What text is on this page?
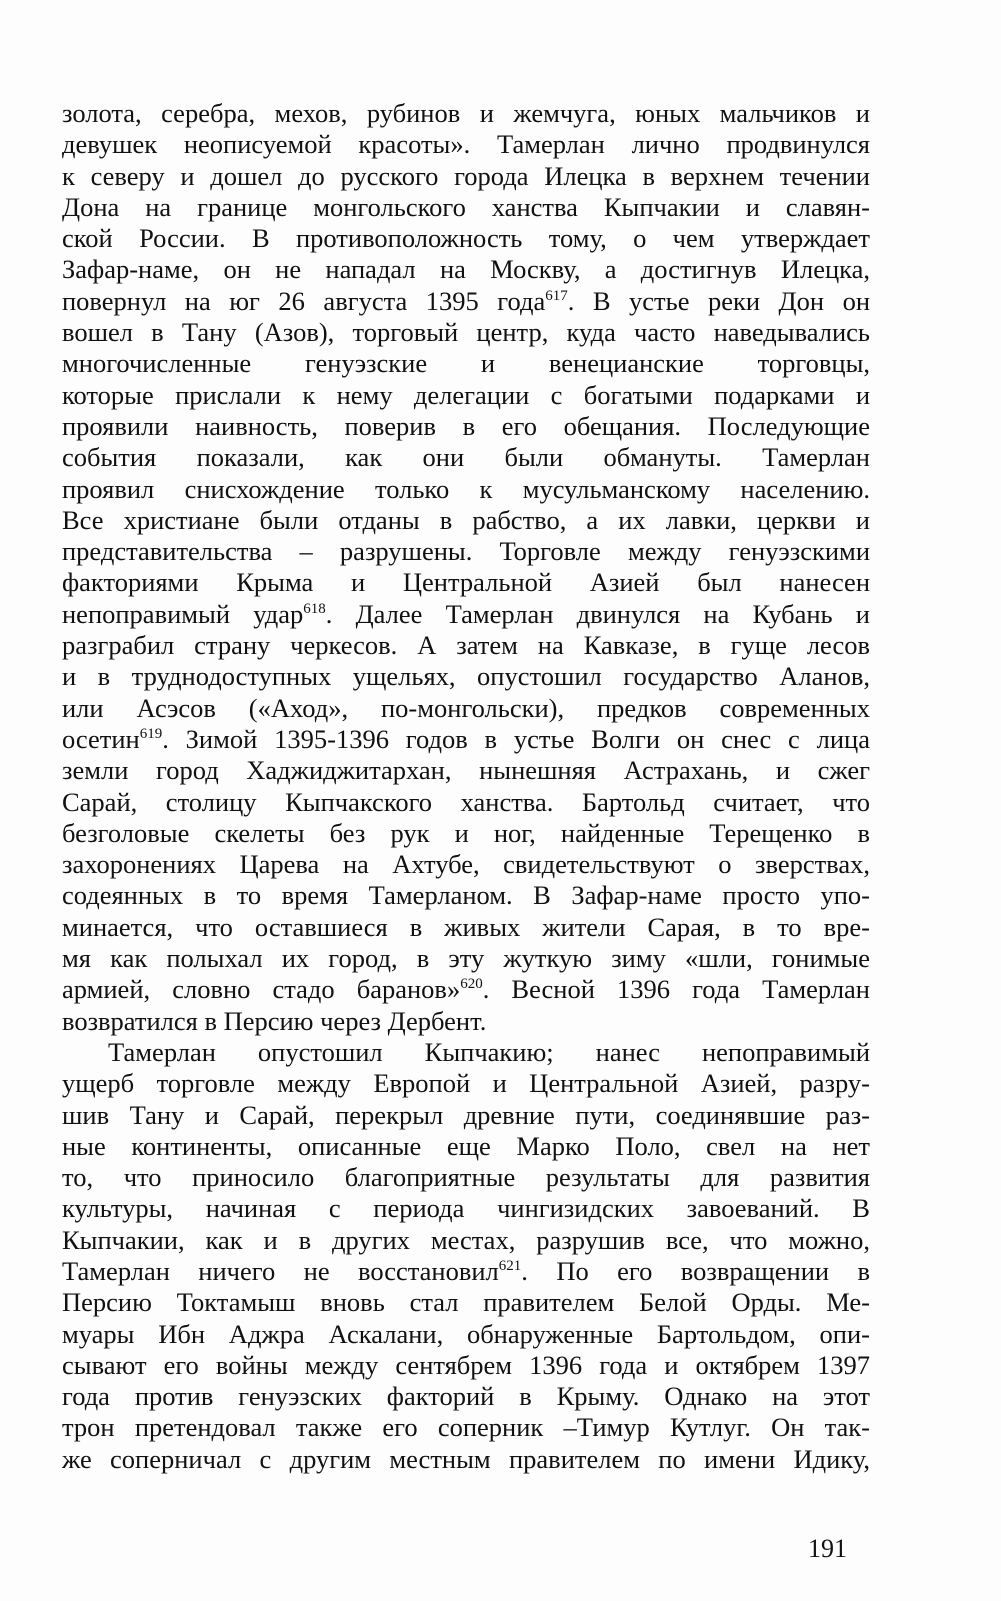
золота, серебра, мехов, рубинов и жемчуга, юных мальчиков и
девушек неописуемой красоты». Тамерлан лично продвинулся
к северу и дошел до русского города Илецка в верхнем течении
Дона на границе монгольского ханства Кыпчакии и славян-
ской России. В противоположность тому, о чем утверждает
Зафар-наме, он не нападал на Москву, а достигнув Илецка,
повернул на юг 26 августа 1395 года$^{617}$. В устье реки Дон он
вошел в Тану (Азов), торговый центр, куда часто наведывались
многочисленные генуэзские и венецианские торговцы,
которые прислали к нему делегации с богатыми подарками и
проявили наивность, поверив в его обещания. Последующие
события показали, как они были обмануты. Тамерлан
проявил снисхождение только к мусульманскому населению.
Все христиане были отданы в рабство, а их лавки, церкви и
представительства – разрушены. Торговле между генуэзскими
факториями Крыма и Центральной Азией был нанесен
непоправимый удар$^{618}$. Далее Тамерлан двинулся на Кубань и
разграбил страну черкесов. А затем на Кавказе, в гуще лесов
и в труднодоступных ущельях, опустошил государство Аланов,
или Асэсов («Аход», по-монгольски), предков современных
осетин$^{619}$. Зимой 1395-1396 годов в устье Волги он снес с лица
земли город Хаджиджитархан, нынешняя Астрахань, и сжег
Сарай, столицу Кыпчакского ханства. Бартольд считает, что
безголовые скелеты без рук и ног, найденные Терещенко в
захоронениях Царева на Ахтубе, свидетельствуют о зверствах,
содеянных в то время Тамерланом. В Зафар-наме просто упо-
минается, что оставшиеся в живых жители Сарая, в то вре-
мя как полыхал их город, в эту жуткую зиму «шли, гонимые
армией, словно стадо баранов»$^{620}$. Весной 1396 года Тамерлан
возвратился в Персию через Дербент.
Тамерлан опустошил Кыпчакию; нанес непоправимый
ущерб торговле между Европой и Центральной Азией, разру-
шив Тану и Сарай, перекрыл древние пути, соединявшие раз-
ные континенты, описанные еще Марко Поло, свел на нет
то, что приносило благоприятные результаты для развития
культуры, начиная с периода чингизидских завоеваний. В
Кыпчакии, как и в других местах, разрушив все, что можно,
Тамерлан ничего не восстановил$^{621}$. По его возвращении в
Персию Toктамыш вновь стал правителем Белой Орды. Ме-
муары Ибн Аджра Аскалани, обнаруженные Бартольдом, опи-
сывают его войны между сентябрем 1396 года и октябрем 1397
года против генуэзских факторий в Крыму. Однако на этот
трон претендовал также его соперник –Тимур Кутлуг. Он так-
же соперничал с другим местным правителем по имени Идику,
191
